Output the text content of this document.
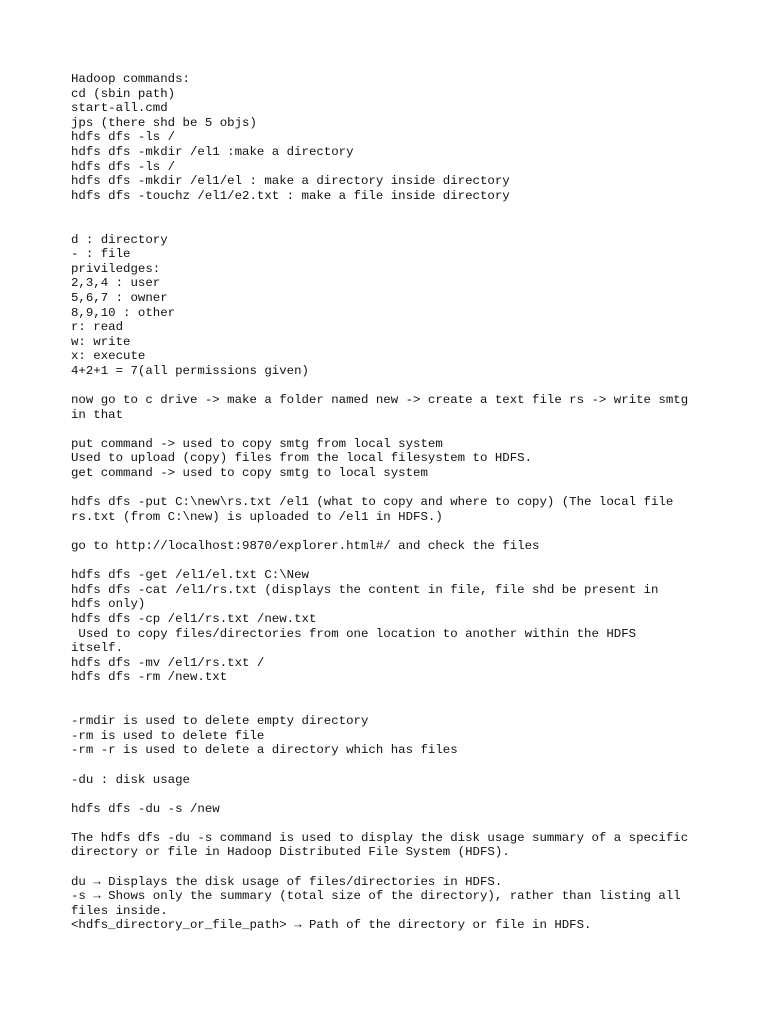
Hadoop commands:
cd (sbin path)
start-all.cmd
jps (there shd be 5 objs)
hdfs dfs -ls /
hdfs dfs -mkdir /el1 :make a directory
hdfs dfs -ls /
hdfs dfs -mkdir /el1/el : make a directory inside directory
hdfs dfs -touchz /el1/e2.txt : make a file inside directory
d : directory
- : file
priviledges:
2,3,4 : user
5,6,7 : owner
8,9,10 : other
r: read
w: write
x: execute
4+2+1 = 7(all permissions given)
now go to c drive -> make a folder named new -> create a text file rs -> write smtg
in that
put command -> used to copy smtg from local system
Used to upload (copy) files from the local filesystem to HDFS.
get command -> used to copy smtg to local system
hdfs dfs -put C:\new\rs.txt /el1 (what to copy and where to copy) (The local file
rs.txt (from C:\new) is uploaded to /el1 in HDFS.)
go to http://localhost:9870/explorer.html#/ and check the files
hdfs dfs -get /el1/el.txt C:\New
hdfs dfs -cat /el1/rs.txt (displays the content in file, file shd be present in
hdfs only)
hdfs dfs -cp /el1/rs.txt /new.txt
Used to copy files/directories from one location to another within the HDFS
itself.
hdfs dfs -mv /el1/rs.txt /
hdfs dfs -rm /new.txt
-rmdir is used to delete empty directory
-rm is used to delete file
-rm -r is used to delete a directory which has files
-du : disk usage
hdfs dfs -du -s /new
The hdfs dfs -du -s command is used to display the disk usage summary of a specific
directory or file in Hadoop Distributed File System (HDFS).
du → Displays the disk usage of files/directories in HDFS.
-s → Shows only the summary (total size of the directory), rather than listing all
files inside.
<hdfs_directory_or_file_path> → Path of the directory or file in HDFS.
